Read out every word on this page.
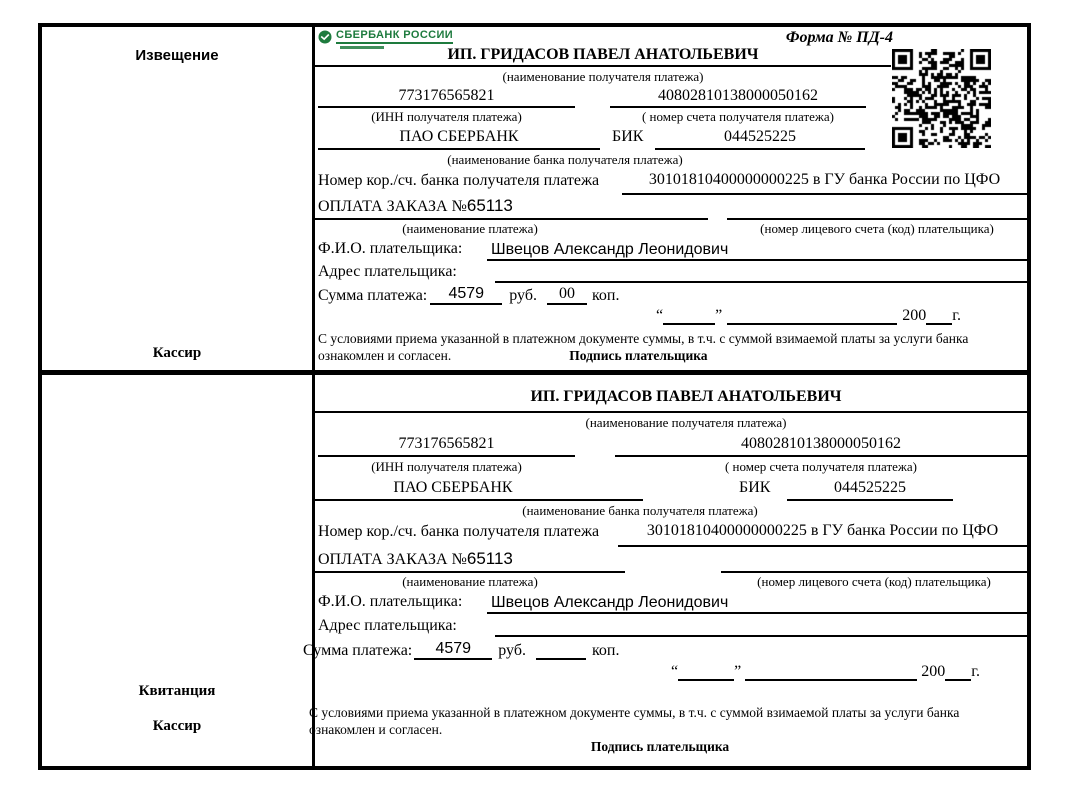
Извещение
Кассир
СБЕРБАНК РОССИИ	Форма № ПД-4
ИП. ГРИДАСОВ ПАВЕЛ АНАТОЛЬЕВИЧ
(наименование получателя платежа)
773176565821	40802810138000050162
(ИНН получателя платежа)	( номер счета получателя платежа)
ПАО СБЕРБАНК	БИК	044525225
(наименование банка получателя платежа)
Номер кор./сч. банка получателя платежа	30101810400000000225 в ГУ банка России по ЦФО
ОПЛАТА ЗАКАЗА №65113
(наименование платежа)	(номер лицевого счета (код) плательщика)
Ф.И.О. плательщика: Швецов Александр Леонидович
Адрес плательщика:
Сумма платежа: 4579 руб. 00 коп.
“	”	200 г.
С условиями приема указанной в платежном документе суммы, в т.ч. с суммой взимаемой платы за услуги банка
ознакомлен и согласен.	Подпись плательщика
Квитанция
Кассир
ИП. ГРИДАСОВ ПАВЕЛ АНАТОЛЬЕВИЧ
(наименование получателя платежа)
773176565821	40802810138000050162
(ИНН получателя платежа)	( номер счета получателя платежа)
ПАО СБЕРБАНК	БИК	044525225
(наименование банка получателя платежа)
Номер кор./сч. банка получателя платежа	30101810400000000225 в ГУ банка России по ЦФО
ОПЛАТА ЗАКАЗА №65113
(наименование платежа)	(номер лицевого счета (код) плательщика)
Ф.И.О. плательщика: Швецов Александр Леонидович
Адрес плательщика:
Сумма платежа: 4579 руб.	коп.
“	”	200 г.
С условиями приема указанной в платежном документе суммы, в т.ч. с суммой взимаемой платы за услуги банка
ознакомлен и согласен.
Подпись плательщика
